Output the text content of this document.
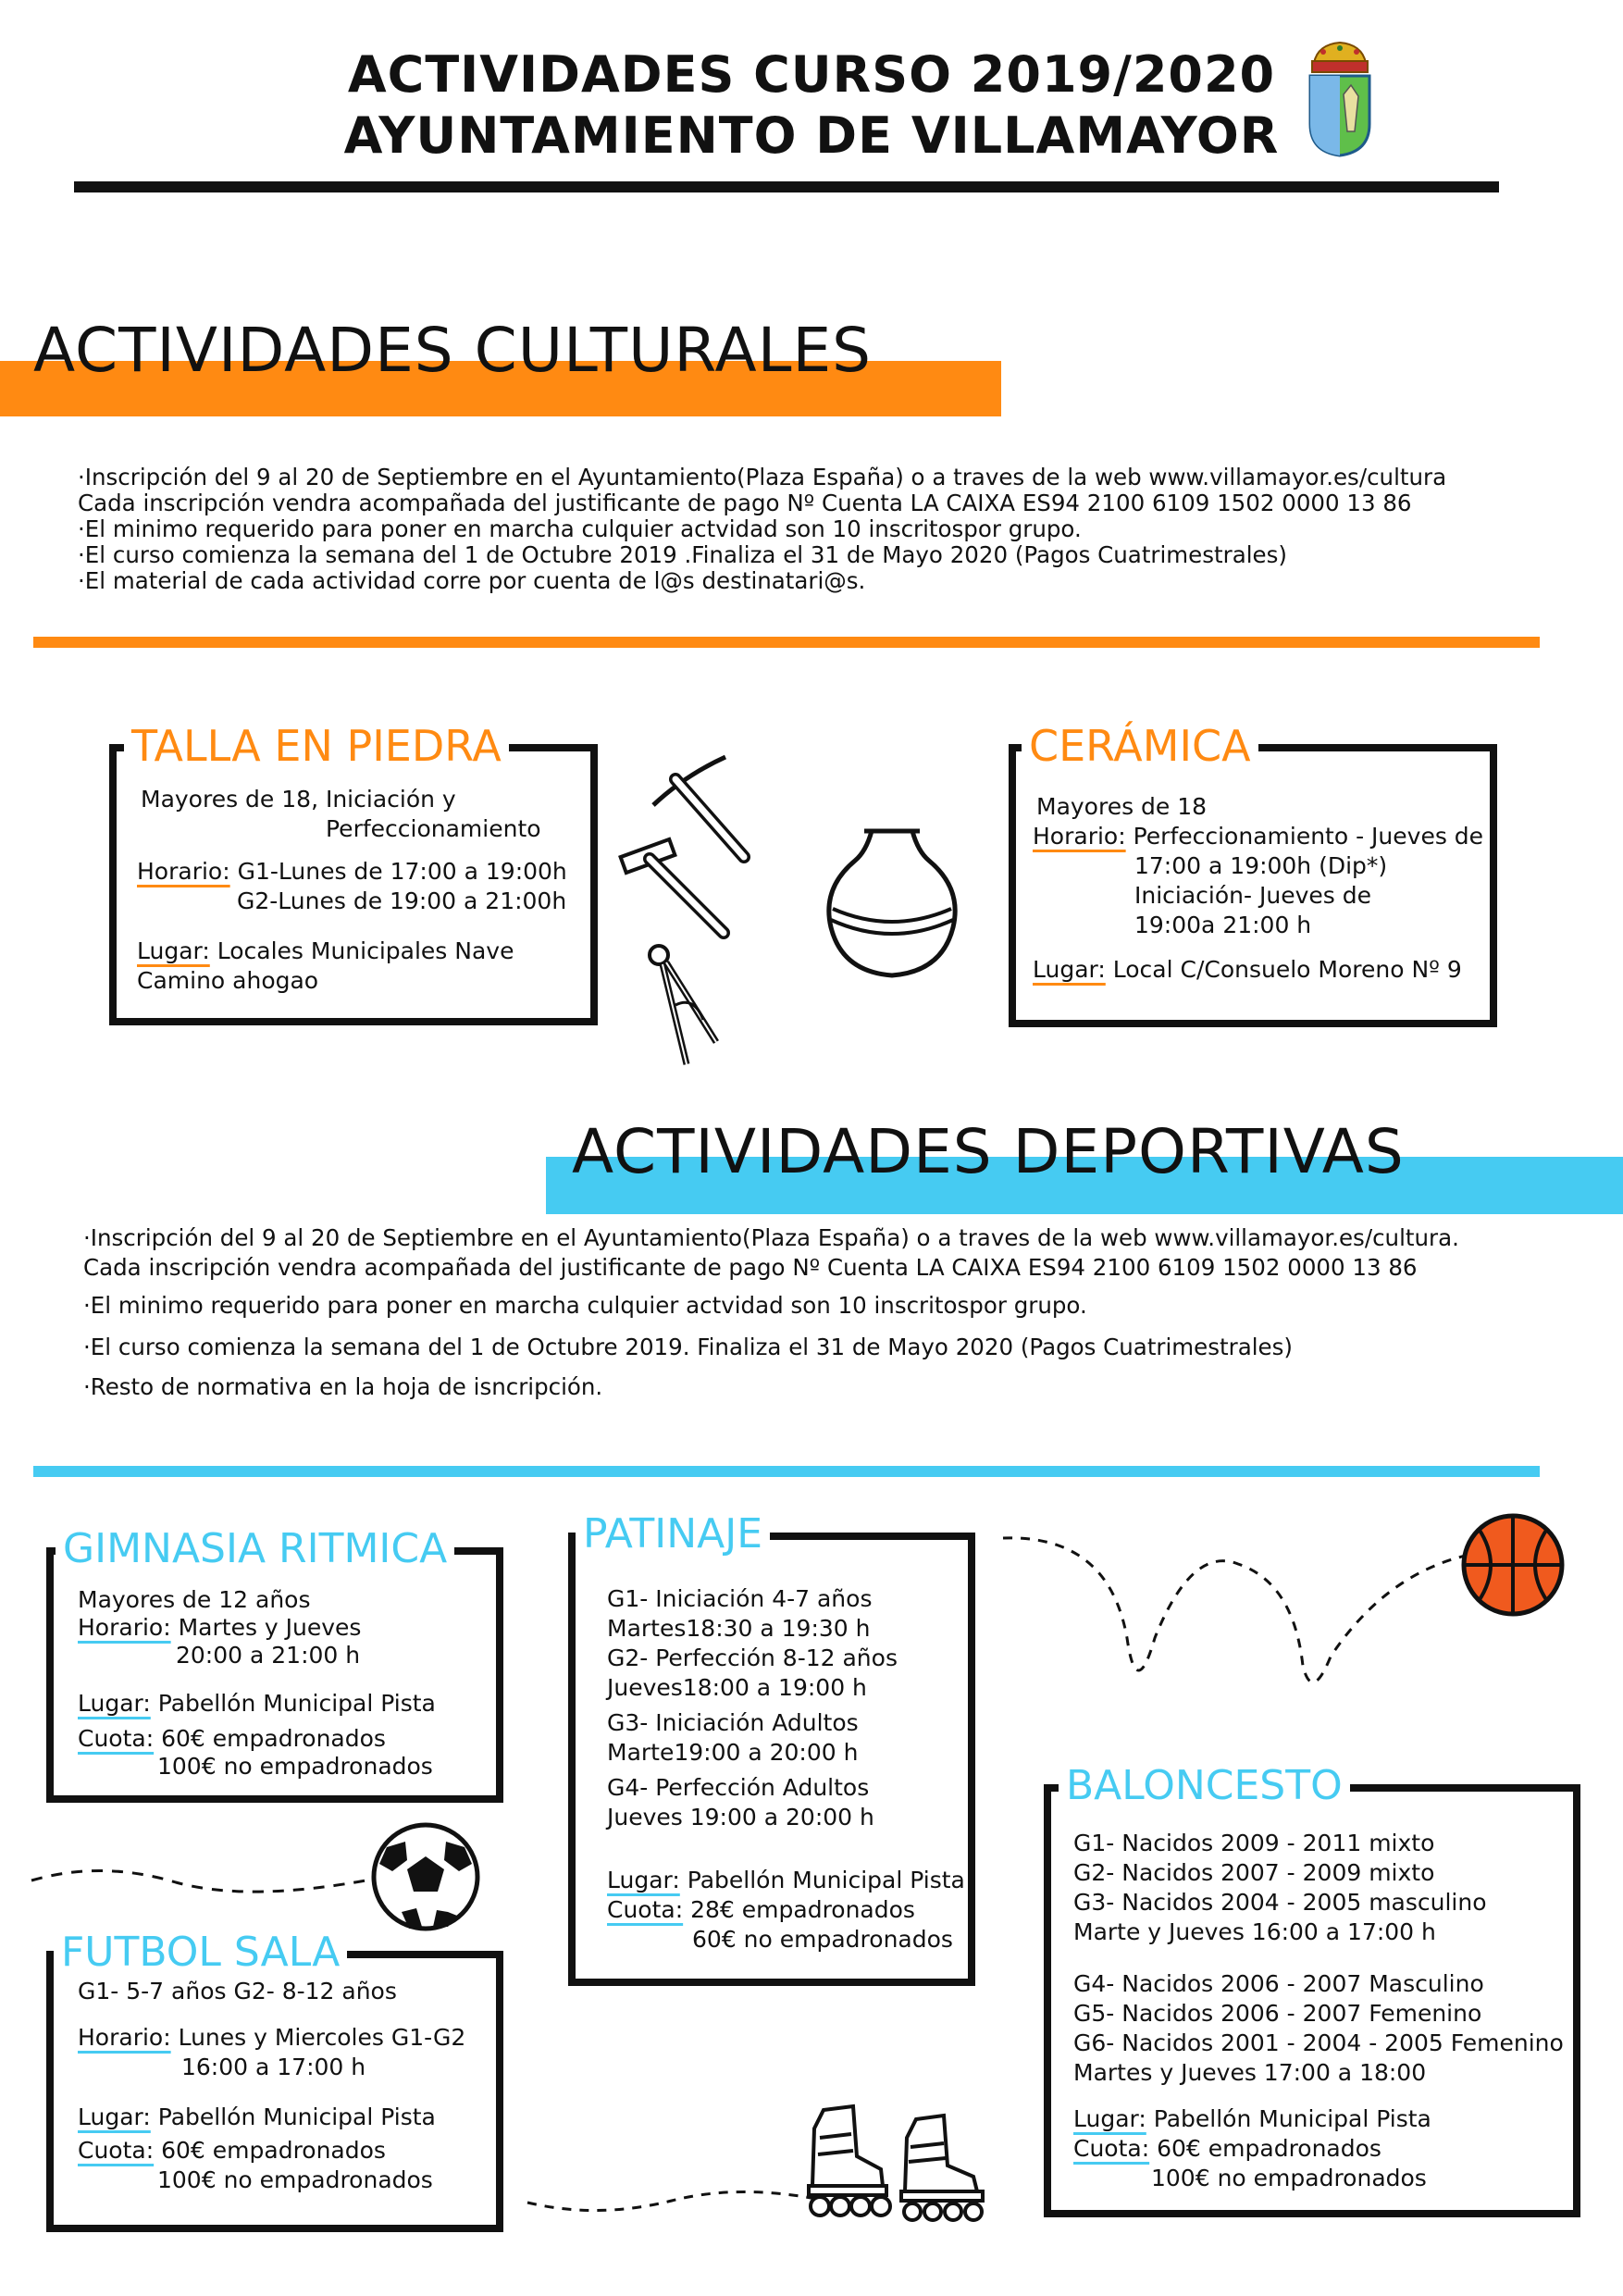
ACTIVIDADES CURSO 2019/2020
AYUNTAMIENTO DE VILLAMAYOR
ACTIVIDADES CULTURALES
·Inscripción del 9 al 20 de Septiembre en el Ayuntamiento(Plaza España) o a traves de la web www.villamayor.es/cultura
Cada inscripción vendra acompañada del justificante de pago Nº Cuenta LA CAIXA ES94 2100 6109 1502 0000 13 86
·El minimo requerido para poner en marcha culquier actvidad son 10 inscritospor grupo.
·El curso comienza la semana del 1 de Octubre 2019 .Finaliza el 31 de Mayo 2020 (Pagos Cuatrimestrales)
·El material de cada actividad corre por cuenta de l@s destinatari@s.
TALLA EN PIEDRA
Mayores de 18, Iniciación y
Perfeccionamiento
Horario: G1-Lunes de 17:00 a 19:00h
G2-Lunes de 19:00 a 21:00h
Lugar: Locales Municipales Nave
Camino ahogao
CERÁMICA
Mayores de 18
Horario: Perfeccionamiento - Jueves de
17:00 a 19:00h (Dip*)
Iniciación- Jueves de
19:00a 21:00 h
Lugar: Local C/Consuelo Moreno Nº 9
ACTIVIDADES DEPORTIVAS
·Inscripción del 9 al 20 de Septiembre en el Ayuntamiento(Plaza España) o a traves de la web www.villamayor.es/cultura.
Cada inscripción vendra acompañada del justificante de pago Nº Cuenta LA CAIXA ES94 2100 6109 1502 0000 13 86
·El minimo requerido para poner en marcha culquier actvidad son 10 inscritospor grupo.
·El curso comienza la semana del 1 de Octubre 2019. Finaliza el 31 de Mayo 2020 (Pagos Cuatrimestrales)
·Resto de normativa en la hoja de isncripción.
GIMNASIA RITMICA
Mayores de 12 años
Horario: Martes y Jueves
20:00 a 21:00 h
Lugar: Pabellón Municipal Pista
Cuota: 60€ empadronados
100€ no empadronados
FUTBOL SALA
G1- 5-7 años G2- 8-12 años
Horario: Lunes y Miercoles G1-G2
16:00 a 17:00 h
Lugar: Pabellón Municipal Pista
Cuota: 60€ empadronados
100€ no empadronados
PATINAJE
G1- Iniciación 4-7 años
Martes18:30 a 19:30 h
G2- Perfección 8-12 años
Jueves18:00 a 19:00 h
G3- Iniciación Adultos
Marte19:00 a 20:00 h
G4- Perfección Adultos
Jueves 19:00 a 20:00 h
Lugar: Pabellón Municipal Pista
Cuota: 28€ empadronados
60€ no empadronados
BALONCESTO
G1- Nacidos 2009 - 2011 mixto
G2- Nacidos 2007 - 2009 mixto
G3- Nacidos 2004 - 2005 masculino
Marte y Jueves 16:00 a 17:00 h
G4- Nacidos 2006 - 2007 Masculino
G5- Nacidos 2006 - 2007 Femenino
G6- Nacidos 2001 - 2004 - 2005 Femenino
Martes y Jueves 17:00 a 18:00
Lugar: Pabellón Municipal Pista
Cuota: 60€ empadronados
100€ no empadronados
